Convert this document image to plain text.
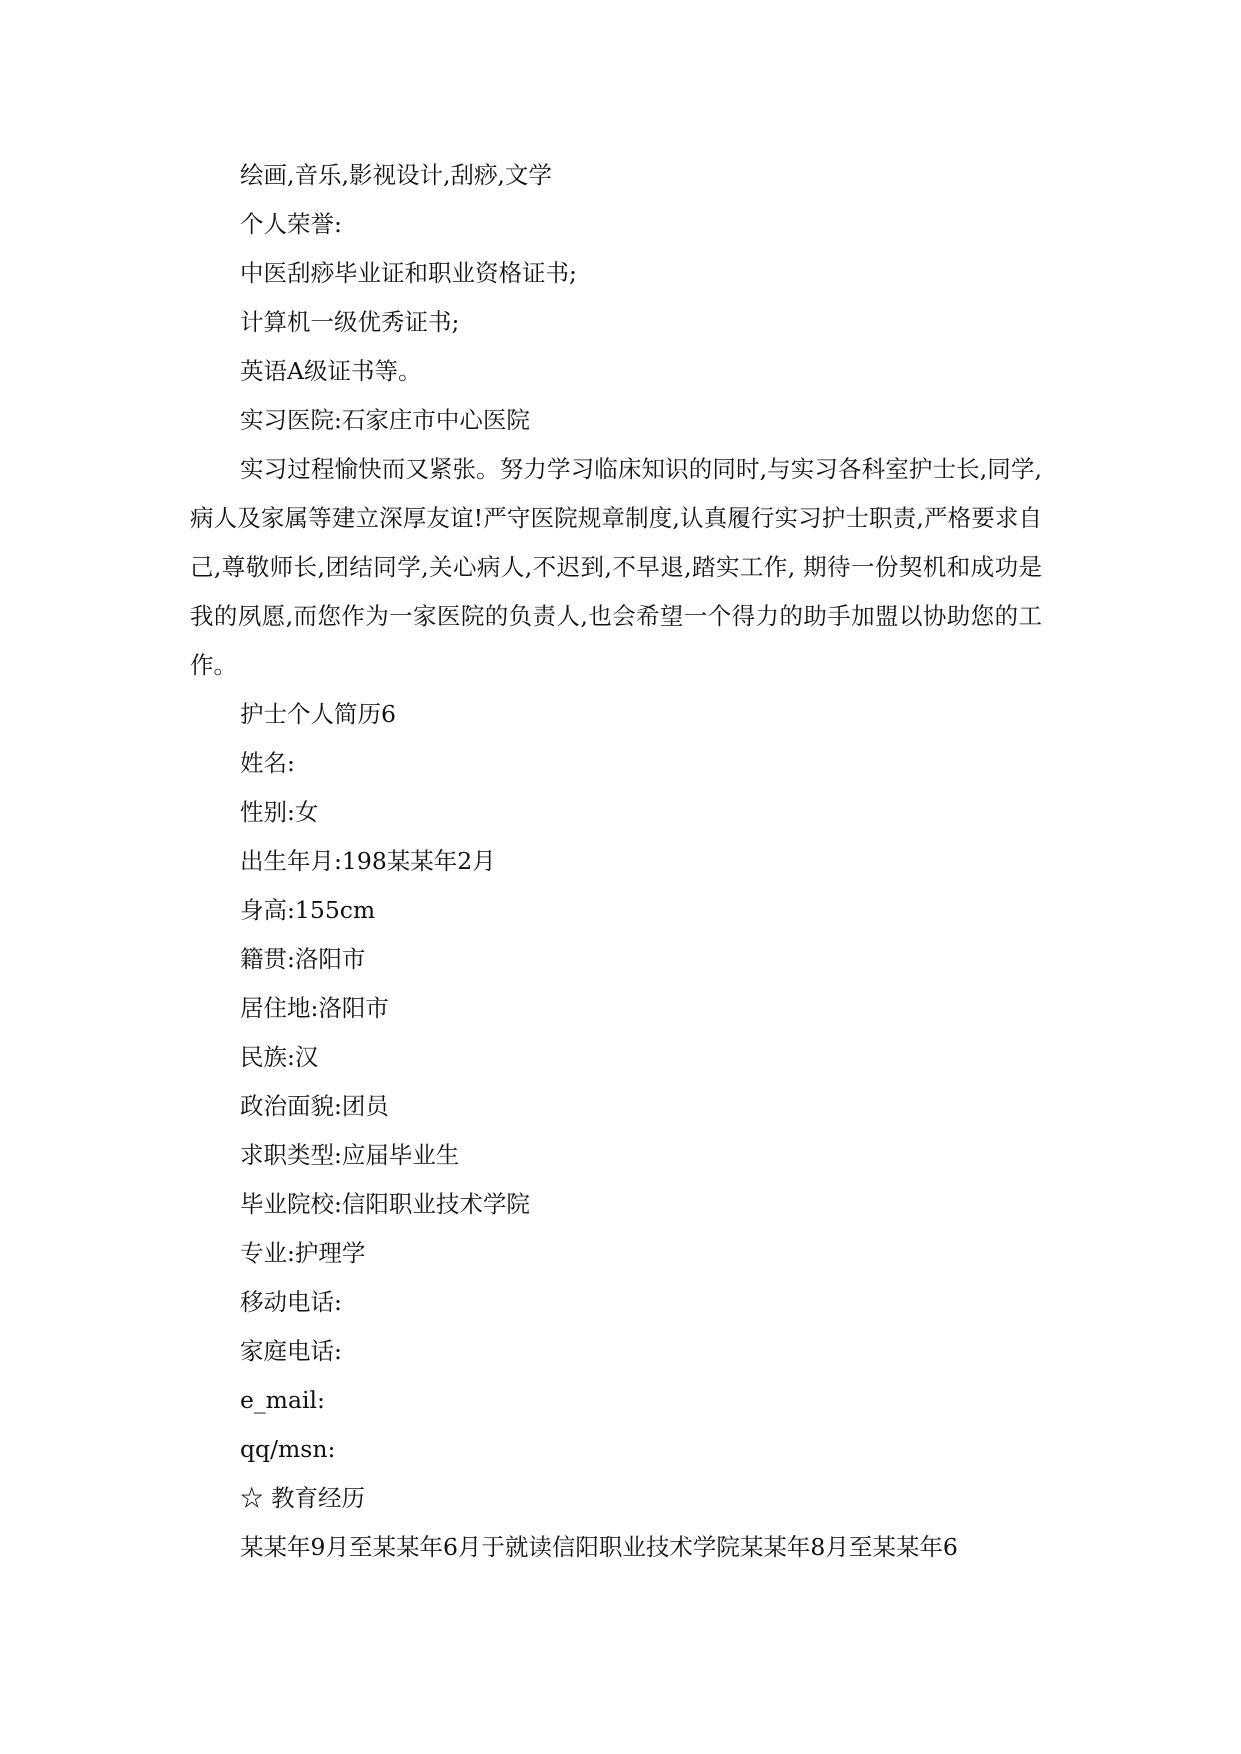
绘画,音乐,影视设计,刮痧,文学
个人荣誉:
中医刮痧毕业证和职业资格证书;
计算机一级优秀证书;
英语A级证书等。
实习医院:石家庄市中心医院

实习过程愉快而又紧张。努力学习临床知识的同时,与实习各科室护士长,同学,病人及家属等建立深厚友谊!严守医院规章制度,认真履行实习护士职责,严格要求自己,尊敬师长,团结同学,关心病人,不迟到,不早退,踏实工作, 期待一份契机和成功是我的夙愿,而您作为一家医院的负责人,也会希望一个得力的助手加盟以协助您的工作。

护士个人简历6
姓名:
性别:女
出生年月:198某某年2月
身高:155cm
籍贯:洛阳市
居住地:洛阳市
民族:汉
政治面貌:团员
求职类型:应届毕业生
毕业院校:信阳职业技术学院
专业:护理学
移动电话:
家庭电话:
e_mail:
qq/msn:
☆ 教育经历
某某年9月至某某年6月于就读信阳职业技术学院某某年8月至某某年6
